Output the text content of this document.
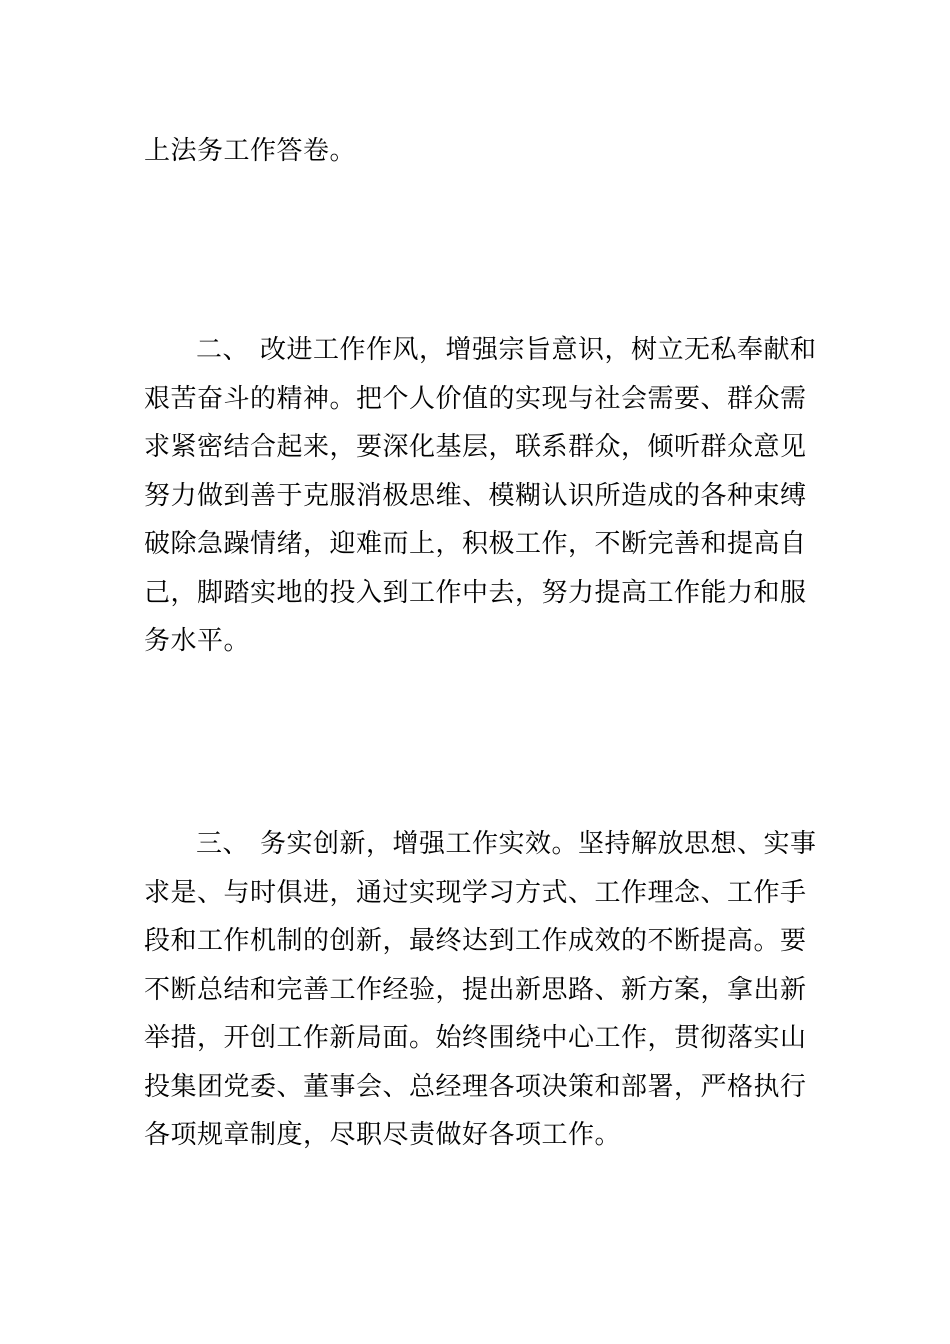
上法务工作答卷。
二、 改进工作作风，增强宗旨意识，树立无私奉献和
艰苦奋斗的精神。把个人价值的实现与社会需要、群众需
求紧密结合起来，要深化基层，联系群众，倾听群众意见
努力做到善于克服消极思维、模糊认识所造成的各种束缚
破除急躁情绪，迎难而上，积极工作，不断完善和提高自
己，脚踏实地的投入到工作中去，努力提高工作能力和服
务水平。
三、 务实创新，增强工作实效。坚持解放思想、实事
求是、与时俱进，通过实现学习方式、工作理念、工作手
段和工作机制的创新，最终达到工作成效的不断提高。要
不断总结和完善工作经验，提出新思路、新方案，拿出新
举措，开创工作新局面。始终围绕中心工作，贯彻落实山
投集团党委、董事会、总经理各项决策和部署，严格执行
各项规章制度，尽职尽责做好各项工作。
